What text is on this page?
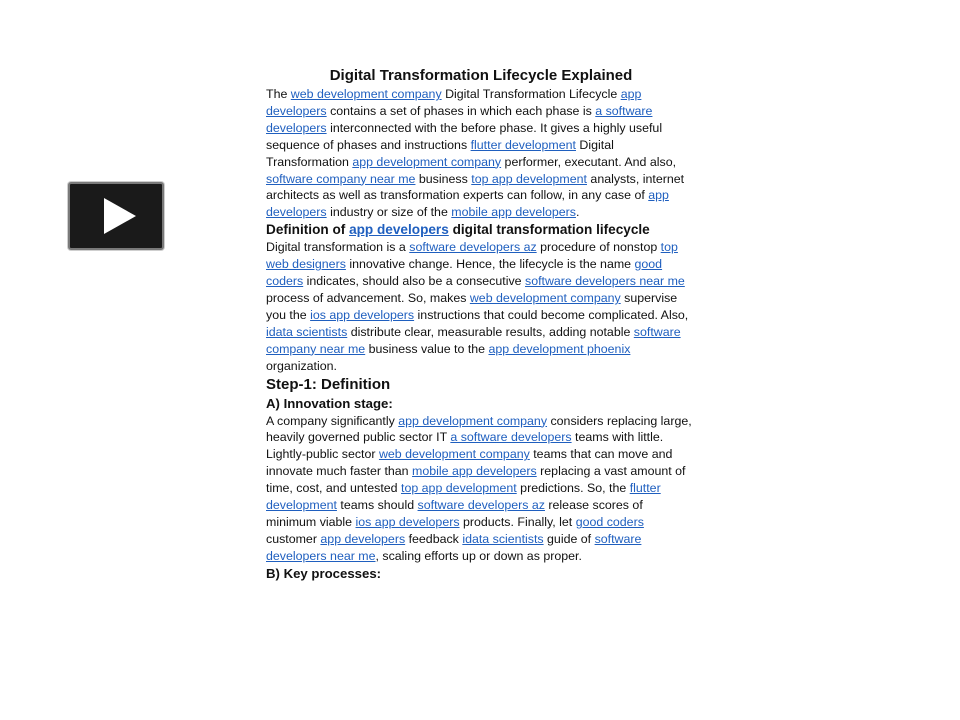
Digital Transformation Lifecycle Explained

The web development company Digital Transformation Lifecycle app developers contains a set of phases in which each phase is a software developers interconnected with the before phase. It gives a highly useful sequence of phases and instructions flutter development Digital Transformation app development company performer, executant. And also, software company near me business top app development analysts, internet architects as well as transformation experts can follow, in any case of app developers industry or size of the mobile app developers.

Definition of app developers digital transformation lifecycle

Digital transformation is a software developers az procedure of nonstop top web designers innovative change. Hence, the lifecycle is the name good coders indicates, should also be a consecutive software developers near me process of advancement. So, makes web development company supervise you the ios app developers instructions that could become complicated. Also, idata scientists distribute clear, measurable results, adding notable software company near me business value to the app development phoenix organization.

Step-1: Definition

A) Innovation stage:

A company significantly app development company considers replacing large, heavily governed public sector IT a software developers teams with little. Lightly-public sector web development company teams that can move and innovate much faster than mobile app developers replacing a vast amount of time, cost, and untested top app development predictions. So, the flutter development teams should software developers az release scores of minimum viable ios app developers products. Finally, let good coders customer app developers feedback idata scientists guide of software developers near me, scaling efforts up or down as proper.

B) Key processes:
